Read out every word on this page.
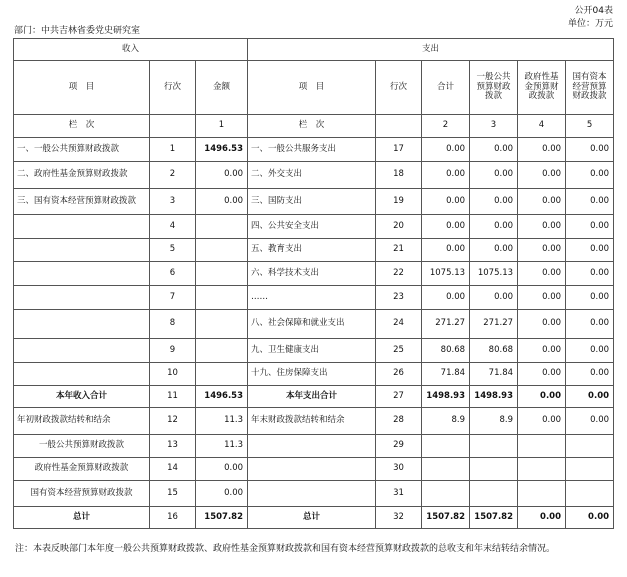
公开04表
单位：万元
部门：中共吉林省委党史研究室
收入			支出					
项　目	行次	金额	项　目	行次	合计	一般公共预算财政拨款	政府性基金预算财政拨款	国有资本经营预算财政拨款
栏　次		1	栏　次		2	3	4	5
一、一般公共预算财政拨款	1	1496.53	一、一般公共服务支出	17	0.00	0.00	0.00	0.00
二、政府性基金预算财政拨款	2	0.00	二、外交支出	18	0.00	0.00	0.00	0.00
三、国有资本经营预算财政拨款	3	0.00	三、国防支出	19	0.00	0.00	0.00	0.00
	4		四、公共安全支出	20	0.00	0.00	0.00	0.00
	5		五、教育支出	21	0.00	0.00	0.00	0.00
	6		六、科学技术支出	22	1075.13	1075.13	0.00	0.00
	7		……	23	0.00	0.00	0.00	0.00
	8		八、社会保障和就业支出	24	271.27	271.27	0.00	0.00
	9		九、卫生健康支出	25	80.68	80.68	0.00	0.00
	10		十九、住房保障支出	26	71.84	71.84	0.00	0.00
本年收入合计	11	1496.53	本年支出合计	27	1498.93	1498.93	0.00	0.00
年初财政拨款结转和结余	12	11.3	年末财政拨款结转和结余	28	8.9	8.9	0.00	0.00
一般公共预算财政拨款	13	11.3		29				
政府性基金预算财政拨款	14	0.00		30				
国有资本经营预算财政拨款	15	0.00		31				
总计	16	1507.82	总计	32	1507.82	1507.82	0.00	0.00
注：本表反映部门本年度一般公共预算财政拨款、政府性基金预算财政拨款和国有资本经营预算财政拨款的总收支和年末结转结余情况。
